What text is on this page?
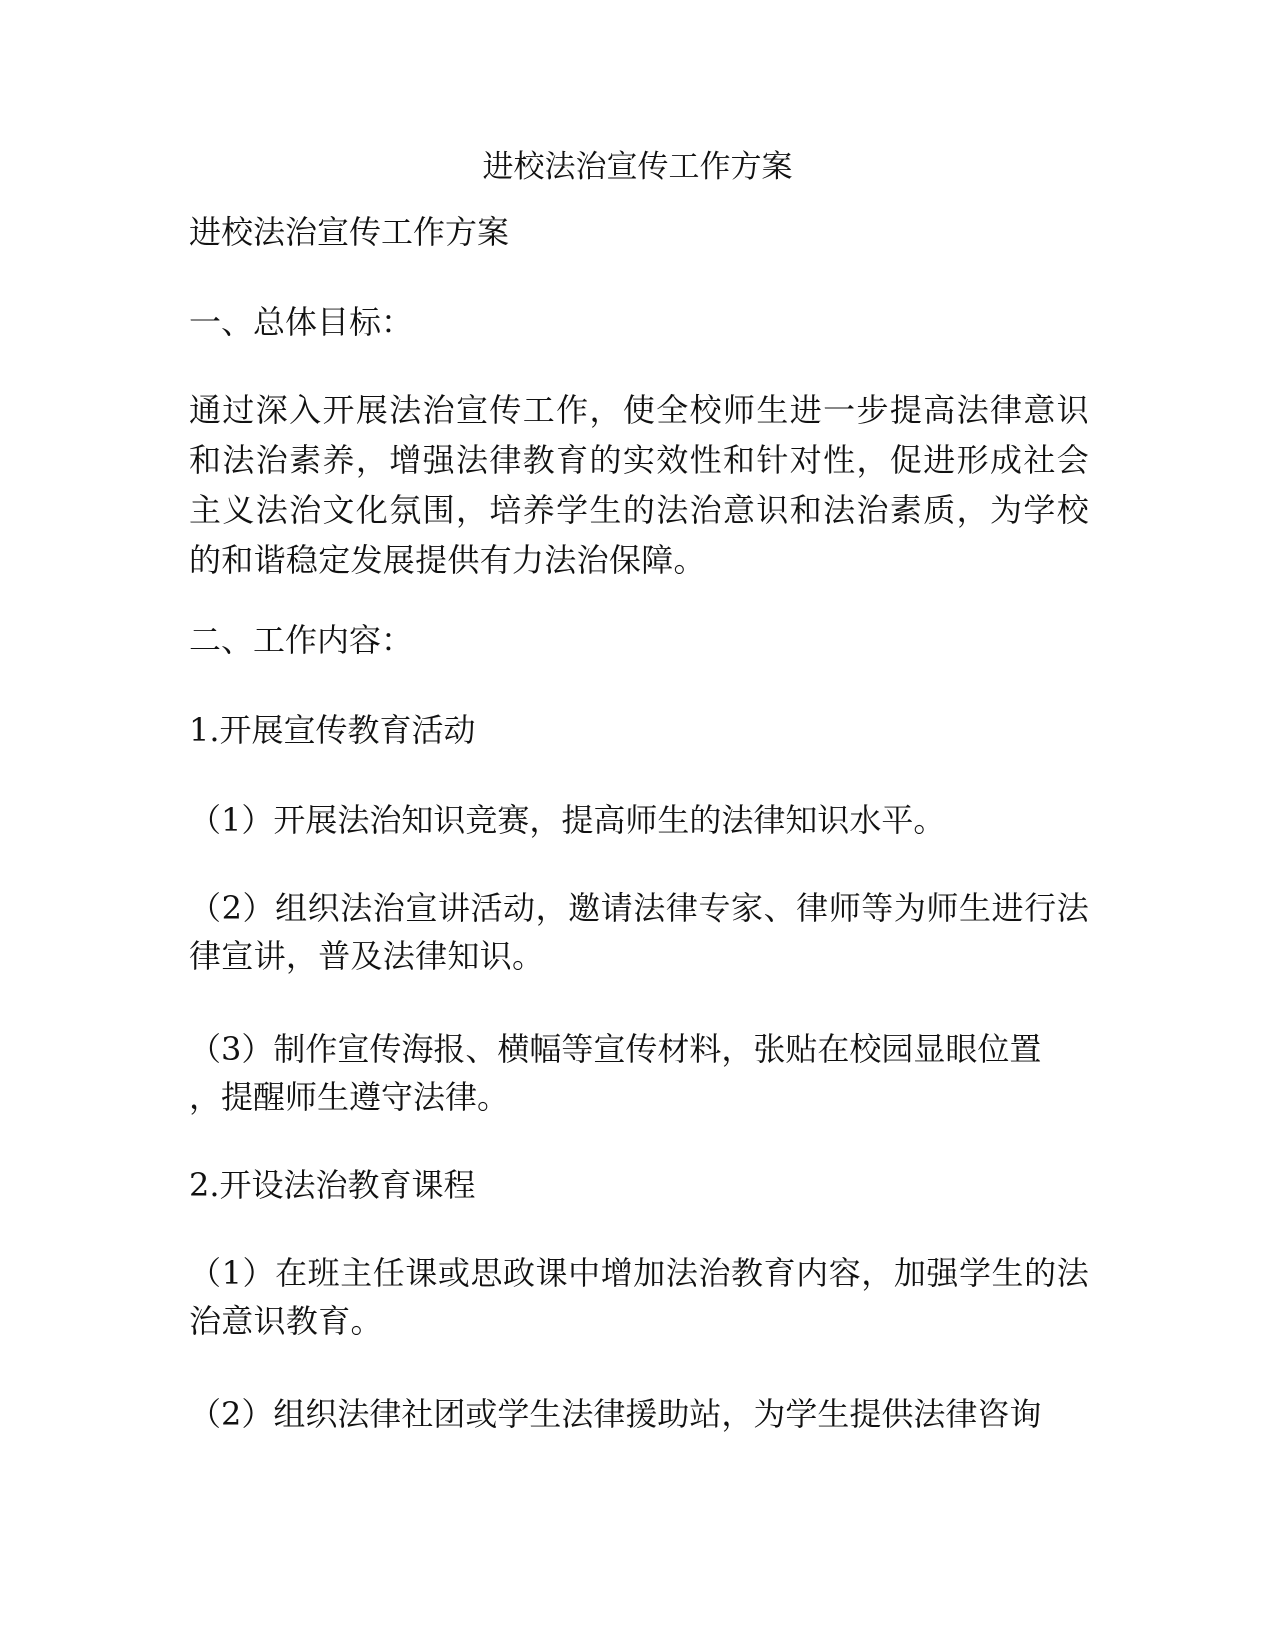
进校法治宣传工作方案
进校法治宣传工作方案
一、总体目标：
通过深入开展法治宣传工作，使全校师生进一步提高法律意识和法治素养，增强法律教育的实效性和针对性，促进形成社会主义法治文化氛围，培养学生的法治意识和法治素质，为学校的和谐稳定发展提供有力法治保障。
二、工作内容：
1.开展宣传教育活动
（1）开展法治知识竞赛，提高师生的法律知识水平。
（2）组织法治宣讲活动，邀请法律专家、律师等为师生进行法律宣讲，普及法律知识。
（3）制作宣传海报、横幅等宣传材料，张贴在校园显眼位置
，提醒师生遵守法律。
2.开设法治教育课程
（1）在班主任课或思政课中增加法治教育内容，加强学生的法治意识教育。
（2）组织法律社团或学生法律援助站，为学生提供法律咨询
